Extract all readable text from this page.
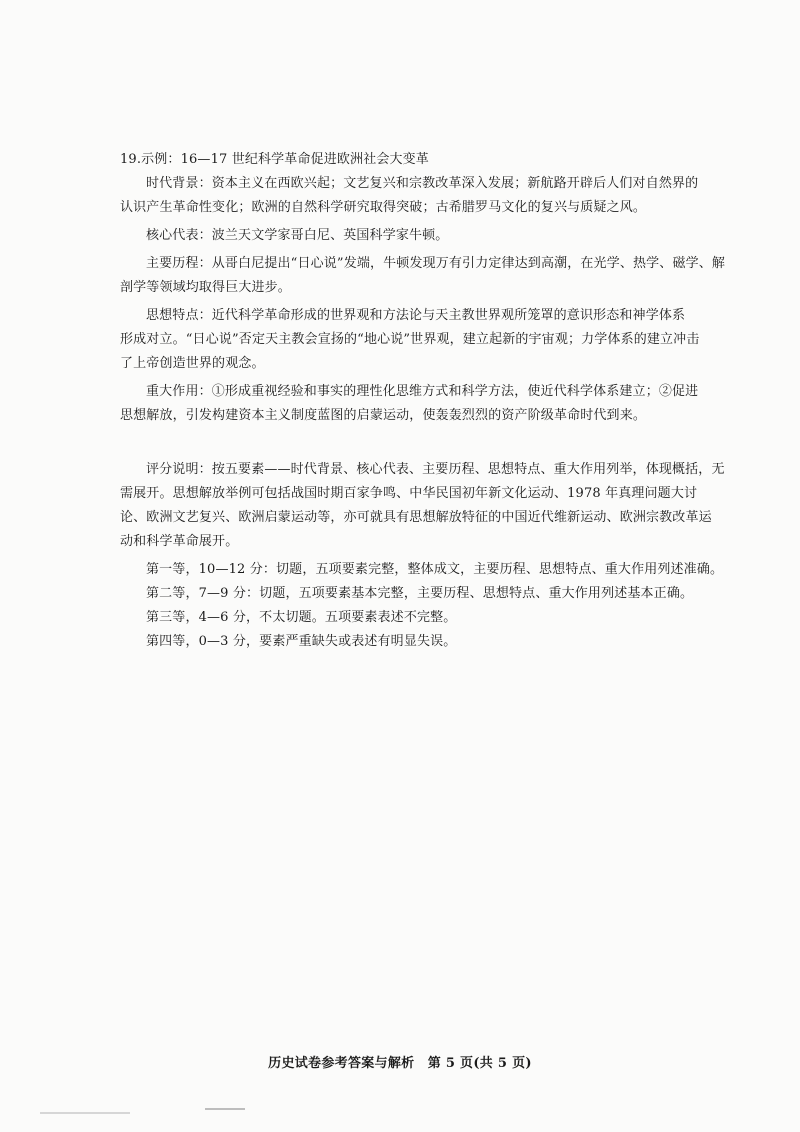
19.示例：16—17 世纪科学革命促进欧洲社会大变革
时代背景：资本主义在西欧兴起；文艺复兴和宗教改革深入发展；新航路开辟后人们对自然界的
认识产生革命性变化；欧洲的自然科学研究取得突破；古希腊罗马文化的复兴与质疑之风。
核心代表：波兰天文学家哥白尼、英国科学家牛顿。
主要历程：从哥白尼提出“日心说”发端，牛顿发现万有引力定律达到高潮，在光学、热学、磁学、解
剖学等领域均取得巨大进步。
思想特点：近代科学革命形成的世界观和方法论与天主教世界观所笼罩的意识形态和神学体系
形成对立。“日心说”否定天主教会宣扬的“地心说”世界观，建立起新的宇宙观；力学体系的建立冲击
了上帝创造世界的观念。
重大作用：①形成重视经验和事实的理性化思维方式和科学方法，使近代科学体系建立；②促进
思想解放，引发构建资本主义制度蓝图的启蒙运动，使轰轰烈烈的资产阶级革命时代到来。
评分说明：按五要素——时代背景、核心代表、主要历程、思想特点、重大作用列举，体现概括，无
需展开。思想解放举例可包括战国时期百家争鸣、中华民国初年新文化运动、1978 年真理问题大讨
论、欧洲文艺复兴、欧洲启蒙运动等，亦可就具有思想解放特征的中国近代维新运动、欧洲宗教改革运
动和科学革命展开。
第一等，10—12 分：切题，五项要素完整，整体成文，主要历程、思想特点、重大作用列述准确。
第二等，7—9 分：切题，五项要素基本完整，主要历程、思想特点、重大作用列述基本正确。
第三等，4—6 分，不太切题。五项要素表述不完整。
第四等，0—3 分，要素严重缺失或表述有明显失误。
历史试卷参考答案与解析　第 5 页(共 5 页)
